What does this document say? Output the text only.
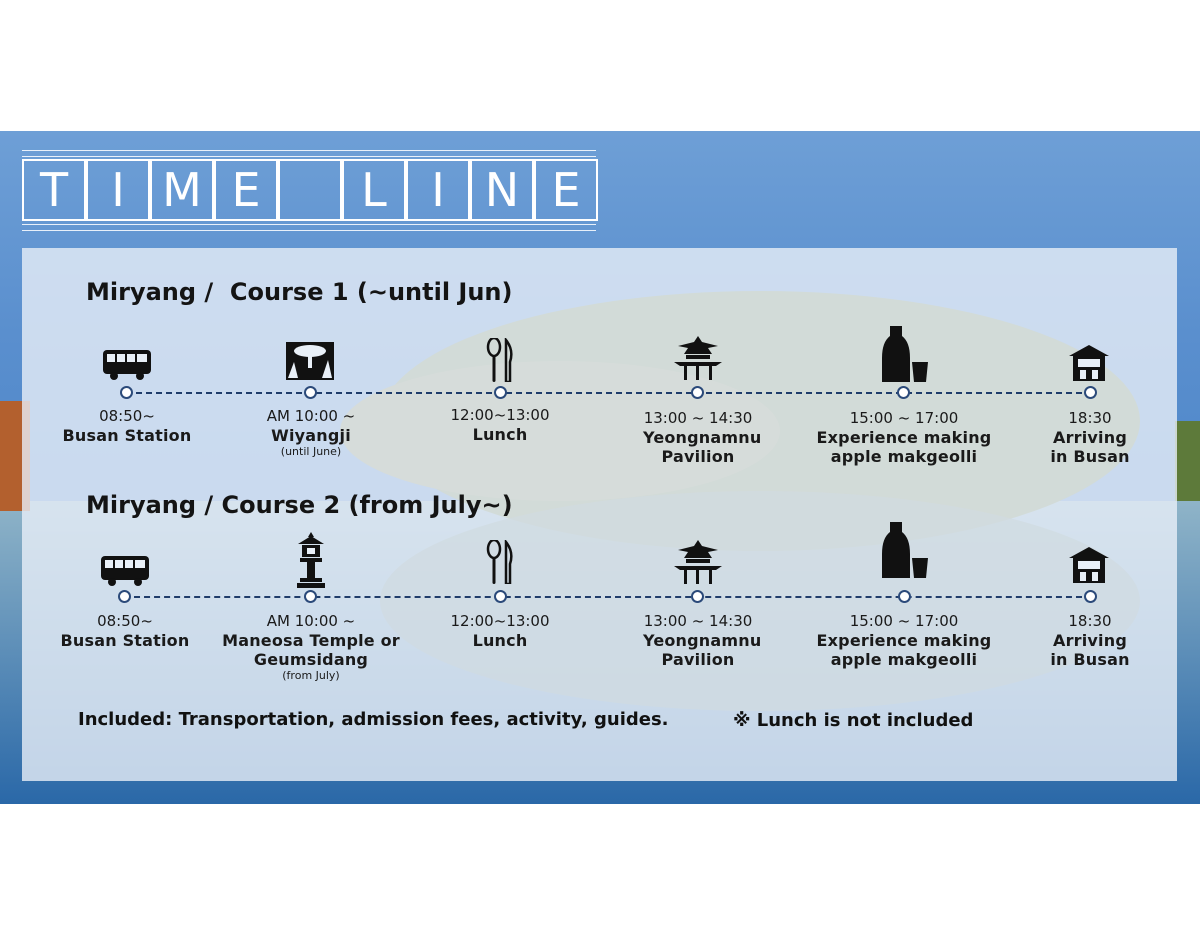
T I M E	L I N E
Miryang /  Course 1 (~until Jun)
08:50~
Busan Station
AM 10:00 ~
Wiyangji
(until June)
12:00~13:00
Lunch
13:00 ~ 14:30
Yeongnamnu Pavilion
15:00 ~ 17:00
Experience making apple makgeolli
18:30
Arriving in Busan
Miryang / Course 2 (from July~)
08:50~
Busan Station
AM 10:00 ~
Maneosa Temple or Geumsidang
(from July)
12:00~13:00
Lunch
13:00 ~ 14:30
Yeongnamnu Pavilion
15:00 ~ 17:00
Experience making apple makgeolli
18:30
Arriving in Busan
Included: Transportation, admission fees, activity, guides.	※ Lunch is not included
